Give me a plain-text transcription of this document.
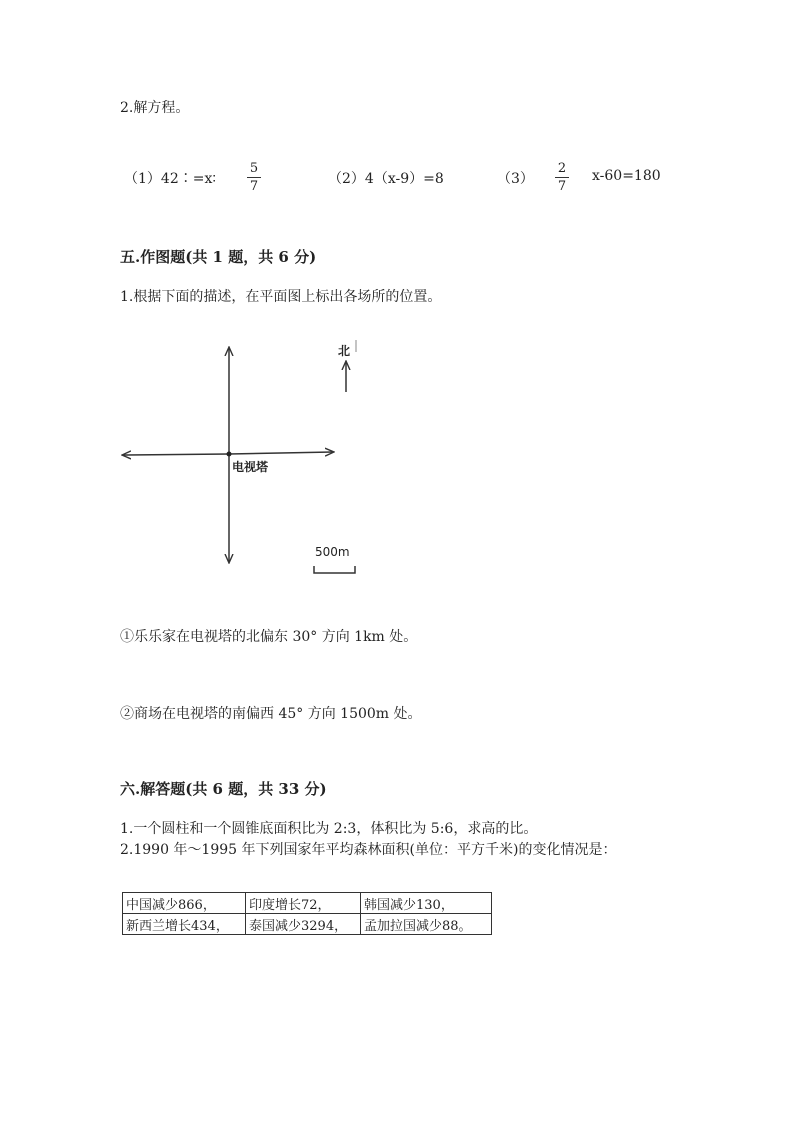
2.解方程。
（1）42∶=x∶
5
7	（2）4（x-9）=8	（3）
2
7
x-60=180
五.作图题(共 1 题，共 6 分)
1.根据下面的描述，在平面图上标出各场所的位置。
北
电视塔
500m
①乐乐家在电视塔的北偏东 30° 方向 1km 处。
②商场在电视塔的南偏西 45° 方向 1500m 处。
六.解答题(共 6 题，共 33 分)
1.一个圆柱和一个圆锥底面积比为 2:3，体积比为 5:6，求高的比。
2.1990 年～1995 年下列国家年平均森林面积(单位：平方千米)的变化情况是：
中国减少866，	印度增长72，	韩国减少130，
新西兰增长434，	泰国减少3294，	孟加拉国减少88。
